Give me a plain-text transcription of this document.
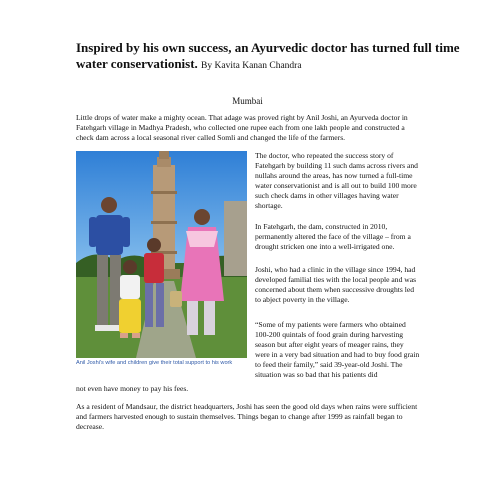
Inspired by his own success, an Ayurvedic doctor has turned full time water conservationist. By Kavita Kanan Chandra
Mumbai

Little drops of water make a mighty ocean. That adage was proved right by Anil Joshi, an Ayurveda doctor in Fatehgarh village in Madhya Pradesh, who collected one rupee each from one lakh people and constructed a check dam across a local seasonal river called Somli and changed the life of the farmers.

Anil Joshi's wife and children give their total support to his work

The doctor, who repeated the success story of Fatehgarh by building 11 such dams across rivers and nullahs around the areas, has now turned a full-time water conservationist and is all out to build 100 more such check dams in other villages having water shortage.

In Fatehgarh, the dam, constructed in 2010, permanently altered the face of the village – from a drought stricken one into a well-irrigated one.

Joshi, who had a clinic in the village since 1994, had developed familial ties with the local people and was concerned about them when successive droughts led to abject poverty in the village.

“Some of my patients were farmers who obtained 100-200 quintals of food grain during harvesting season but after eight years of meager rains, they were in a very bad situation and had to buy food grain to feed their family,” said 39-year-old Joshi. The situation was so bad that his patients did

not even have money to pay his fees.

As a resident of Mandsaur, the district headquarters, Joshi has seen the good old days when rains were sufficient and farmers harvested enough to sustain themselves. Things began to change after 1999 as rainfall began to decrease.
